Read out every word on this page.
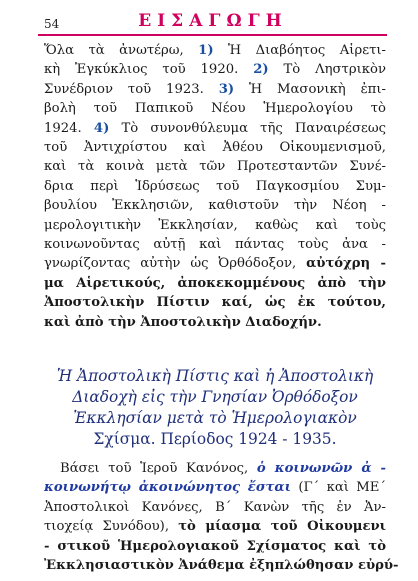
54	ΕΙΣΑΓΩΓΗ
Ὅλα τὰ ἀνωτέρω, 1) Ἡ Διαβόητος Αἱρετι-
κὴ Ἐγκύκλιος τοῦ 1920. 2) Τὸ Ληστρικὸν
Συνέδριον τοῦ 1923. 3) Ἡ Μασονικὴ ἐπι-
βολὴ τοῦ Παπικοῦ Νέου Ἡμερολογίου τὸ
1924. 4) Τὸ συνονθύλευμα τῆς Παναιρέσεως
τοῦ Ἀντιχρίστου καὶ Ἀθέου Οἰκουμενισμοῦ,
καὶ τὰ κοινὰ μετὰ τῶν Προτεσταντῶν Συνέ-
δρια περὶ Ἱδρύσεως τοῦ Παγκοσμίου Συμ-
βουλίου Ἐκκλησιῶν, καθιστοῦν τὴν Νέοη -
μερολογιτικὴν Ἐκκλησίαν, καθὼς καὶ τοὺς
κοινωνοῦντας αὐτῇ καὶ πάντας τοὺς ἀνα -
γνωρίζοντας αὐτὴν ὡς Ὀρθόδοξον, αὐτόχρη -
μα Αἱρετικούς, ἀποκεκομμένους ἀπὸ τὴν
Ἀποστολικὴν Πίστιν καί, ὡς ἐκ τούτου,
καὶ ἀπὸ τὴν Ἀποστολικὴν Διαδοχήν.
Ἡ Ἀποστολικὴ Πίστις καὶ ἡ Ἀποστολικὴ
Διαδοχὴ εἰς τὴν Γνησίαν Ὀρθόδοξον
Ἐκκλησίαν μετὰ τὸ Ἡμερολογιακὸν
Σχίσμα. Περίοδος 1924 - 1935.
Βάσει τοῦ Ἱεροῦ Κανόνος, ὁ κοινωνῶν ἀ -
κοινωνήτῳ ἀκοινώνητος ἔσται (Γ´ καὶ ΜΕ´
Ἀποστολικοὶ Κανόνες, Β´ Κανὼν τῆς ἐν Ἀν-
τιοχείᾳ Συνόδου), τὸ μίασμα τοῦ Οἰκουμενι
- στικοῦ Ἡμερολογιακοῦ Σχίσματος καὶ τὸ
Ἐκκλησιαστικὸν Ἀνάθεμα ἐξηπλώθησαν εὐρύ-
